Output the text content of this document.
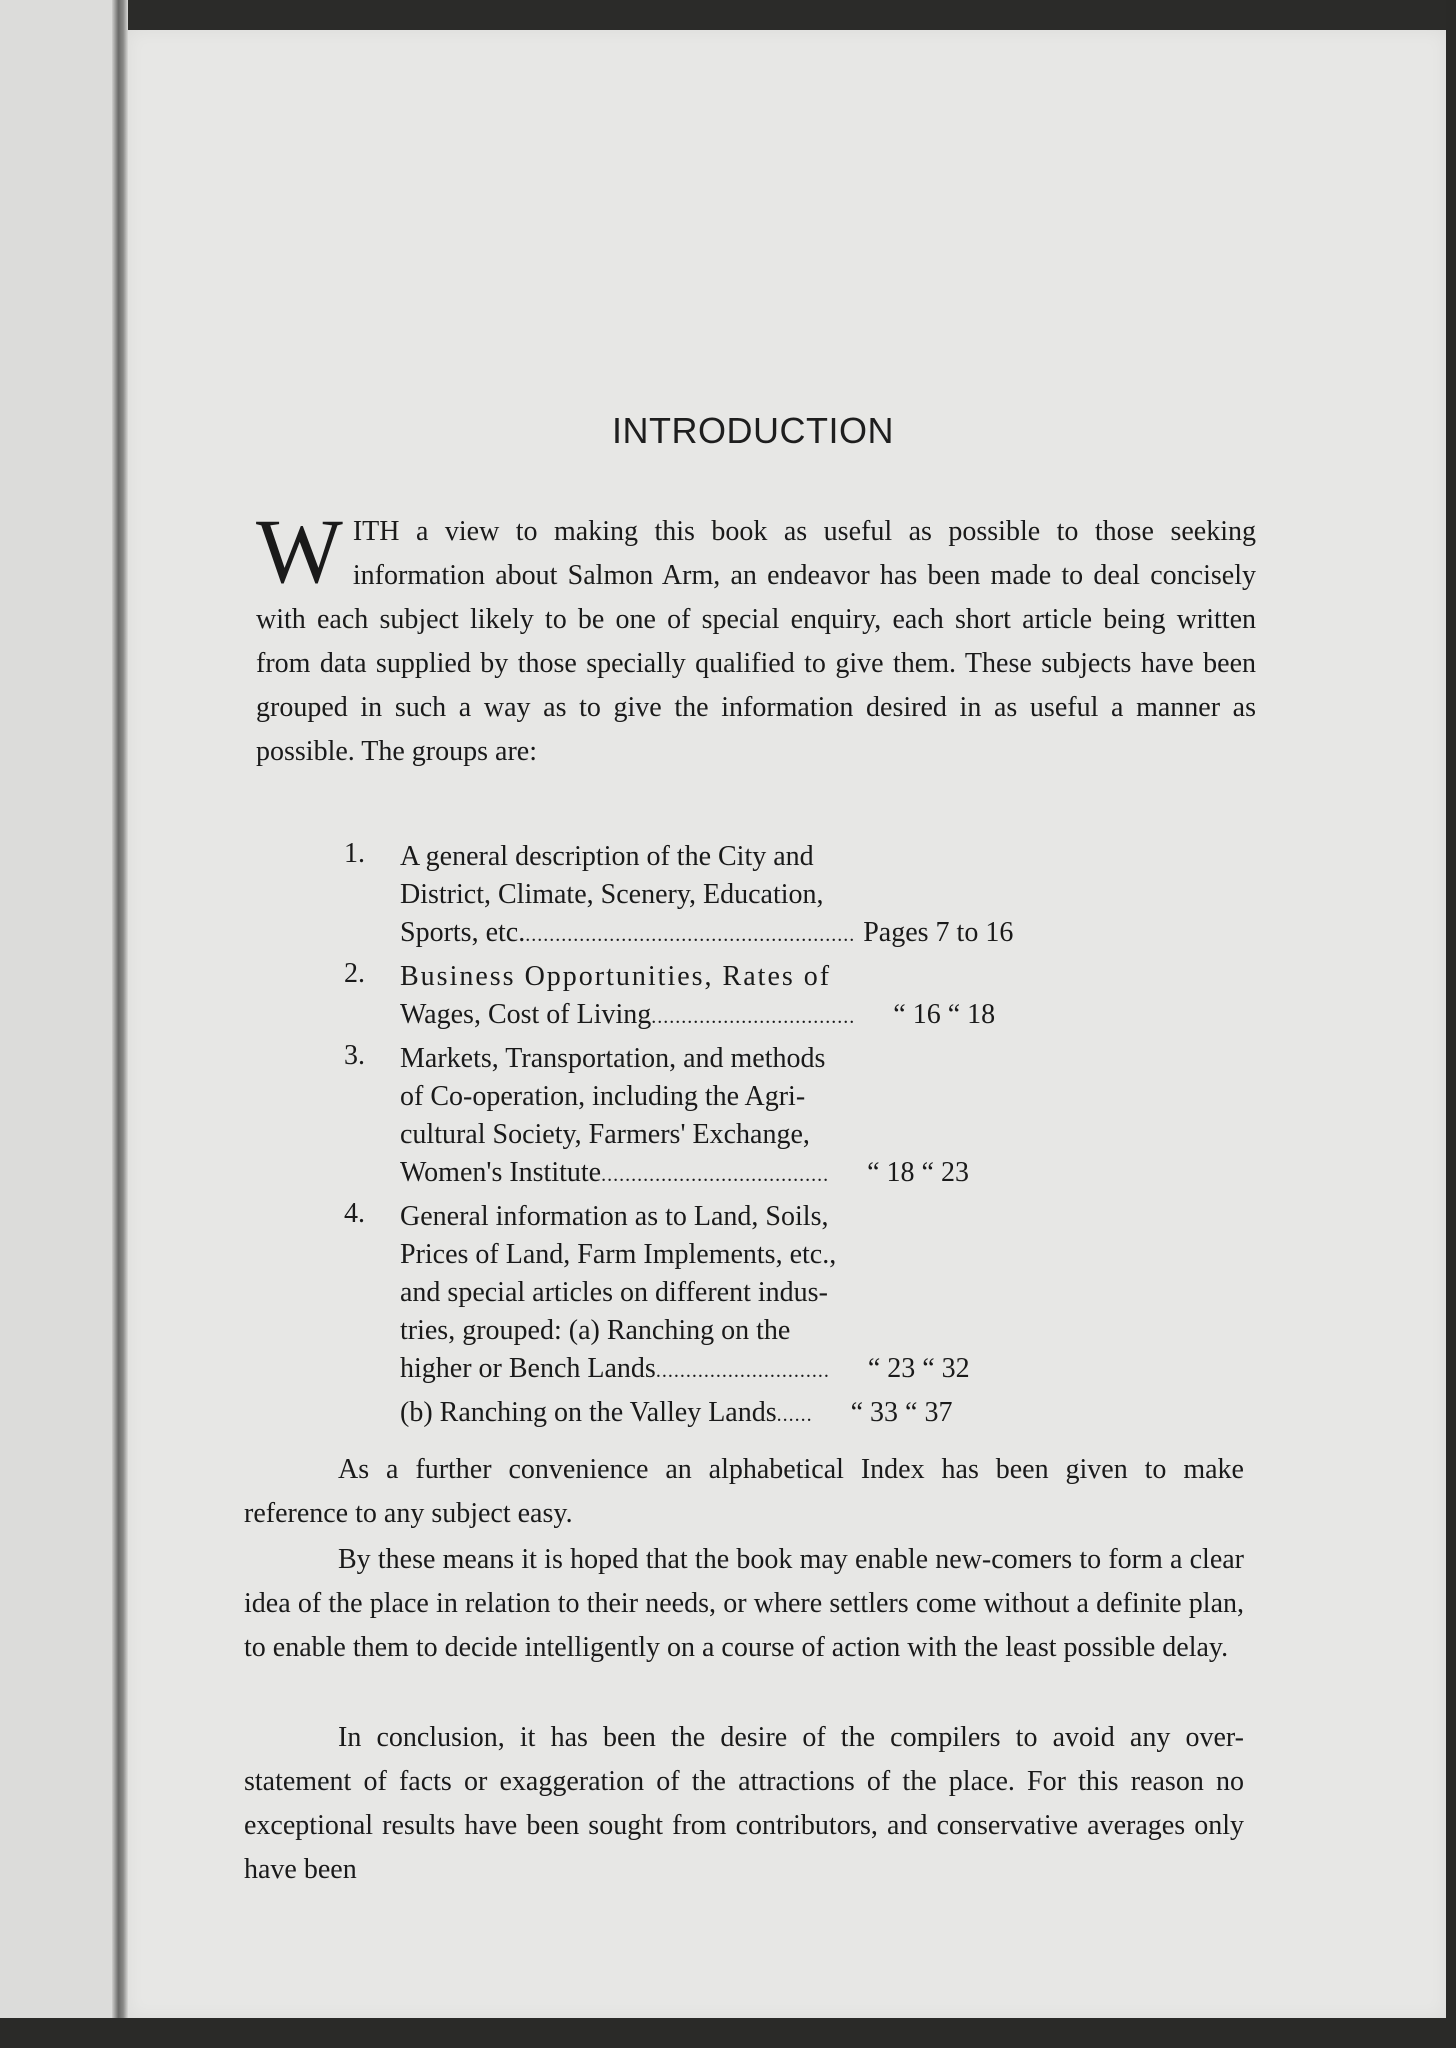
INTRODUCTION
W ITH a view to making this book as useful as possible to those seeking information about Salmon Arm, an endeavor has been made to deal concisely with each subject likely to be one of special enquiry, each short article being written from data supplied by those specially qualified to give them. These subjects have been grouped in such a way as to give the information desired in as useful a manner as possible. The groups are:

1.	A general description of the City and
District, Climate, Scenery, Education,
Sports, etc. ....................................................... Pages 7 to 16
2.	Business Opportunities, Rates of
Wages, Cost of Living .................................. “ 16 “ 18
3.	Markets, Transportation, and methods
of Co-operation, including the Agri-
cultural Society, Farmers' Exchange,
Women's Institute ...................................... “ 18 “ 23
4.	General information as to Land, Soils,
Prices of Land, Farm Implements, etc.,
and special articles on different indus-
tries, grouped: (a) Ranching on the
higher or Bench Lands ............................. “ 23 “ 32
(b) Ranching on the Valley Lands ...... “ 33 “ 37

As a further convenience an alphabetical Index has been given to make reference to any subject easy.

By these means it is hoped that the book may enable new-comers to form a clear idea of the place in relation to their needs, or where settlers come without a definite plan, to enable them to decide intelligently on a course of action with the least possible delay.

In conclusion, it has been the desire of the compilers to avoid any over-statement of facts or exaggeration of the attractions of the place. For this reason no exceptional results have been sought from contributors, and conservative averages only have been
